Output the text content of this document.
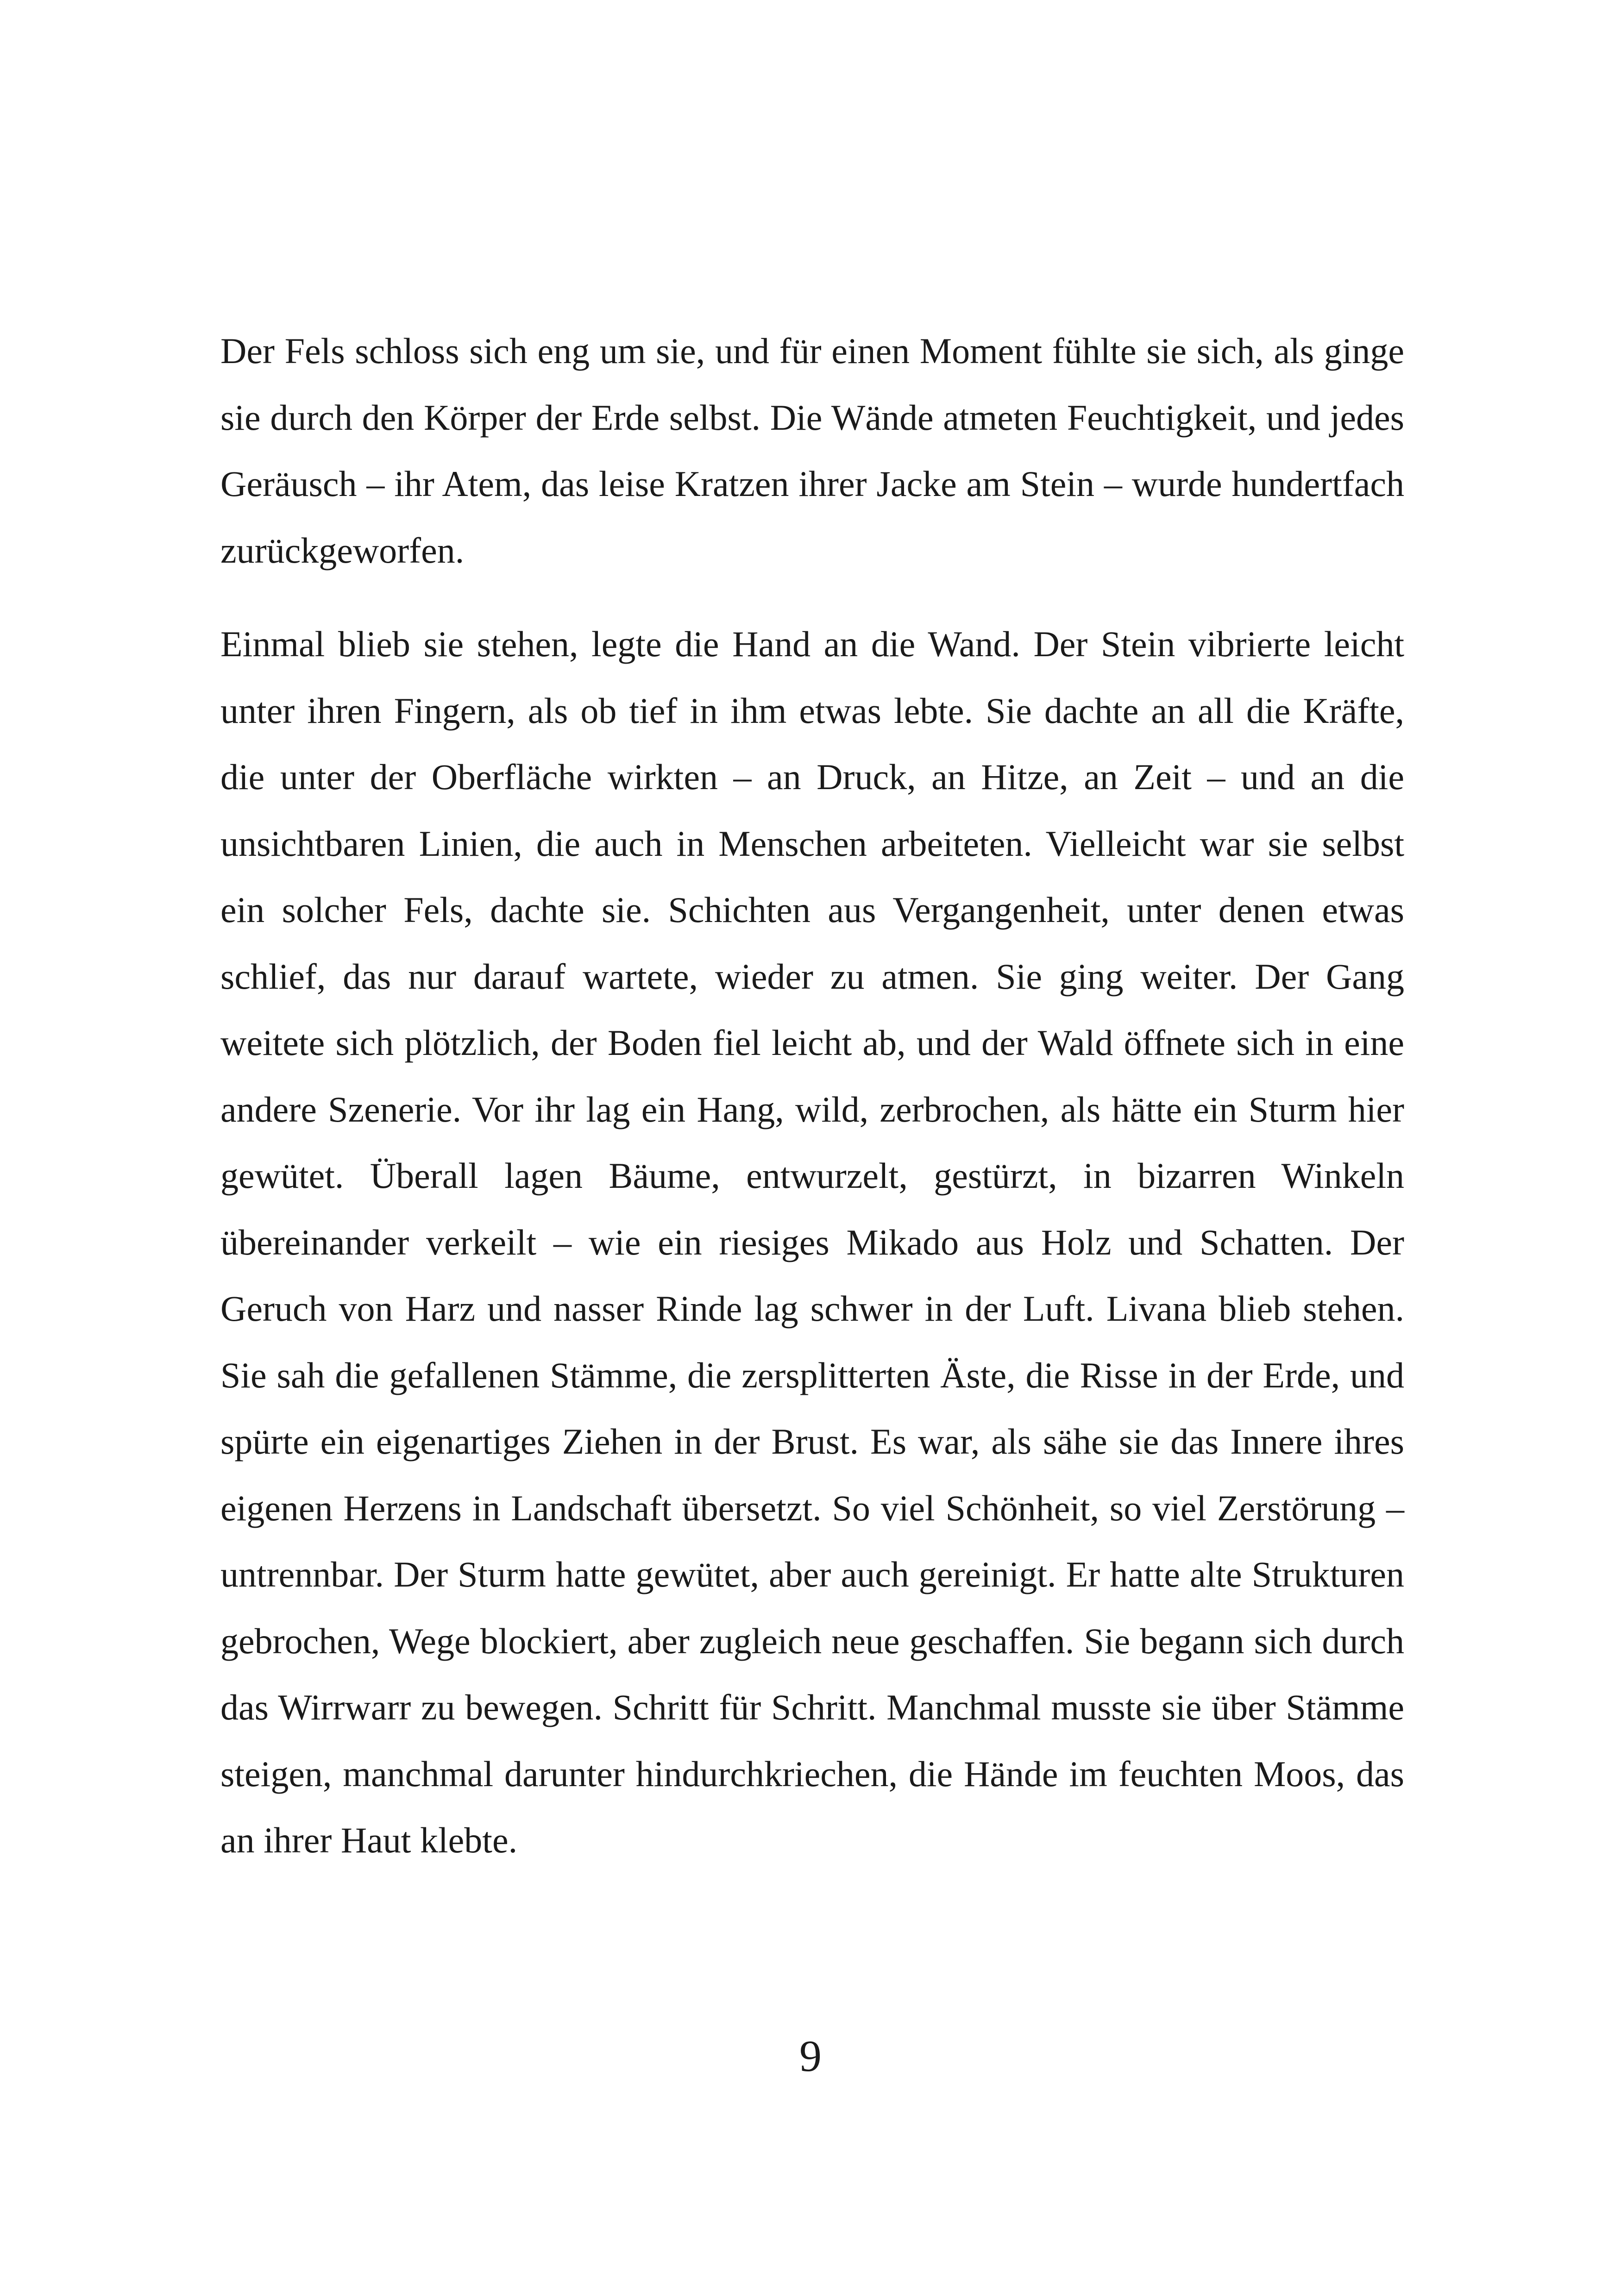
Der Fels schloss sich eng um sie, und für einen Moment fühlte sie sich, als ginge sie durch den Körper der Erde selbst. Die Wände atmeten Feuchtigkeit, und jedes Geräusch – ihr Atem, das leise Kratzen ihrer Jacke am Stein – wurde hundertfach zurückgeworfen.

Einmal blieb sie stehen, legte die Hand an die Wand. Der Stein vibrierte leicht unter ihren Fingern, als ob tief in ihm etwas lebte. Sie dachte an all die Kräfte, die unter der Oberfläche wirkten – an Druck, an Hitze, an Zeit – und an die unsichtbaren Linien, die auch in Menschen arbeiteten. Vielleicht war sie selbst ein solcher Fels, dachte sie. Schichten aus Vergangenheit, unter denen etwas schlief, das nur darauf wartete, wieder zu atmen. Sie ging weiter. Der Gang weitete sich plötzlich, der Boden fiel leicht ab, und der Wald öffnete sich in eine andere Szenerie. Vor ihr lag ein Hang, wild, zerbrochen, als hätte ein Sturm hier gewütet. Überall lagen Bäume, entwurzelt, gestürzt, in bizarren Winkeln übereinander verkeilt – wie ein riesiges Mikado aus Holz und Schatten. Der Geruch von Harz und nasser Rinde lag schwer in der Luft. Livana blieb stehen. Sie sah die gefallenen Stämme, die zersplitterten Äste, die Risse in der Erde, und spürte ein eigenartiges Ziehen in der Brust. Es war, als sähe sie das Innere ihres eigenen Herzens in Landschaft übersetzt. So viel Schönheit, so viel Zerstörung – untrennbar. Der Sturm hatte gewütet, aber auch gereinigt. Er hatte alte Strukturen gebrochen, Wege blockiert, aber zugleich neue geschaffen. Sie begann sich durch das Wirrwarr zu bewegen. Schritt für Schritt. Manchmal musste sie über Stämme steigen, manchmal darunter hindurchkriechen, die Hände im feuchten Moos, das an ihrer Haut klebte.

9
